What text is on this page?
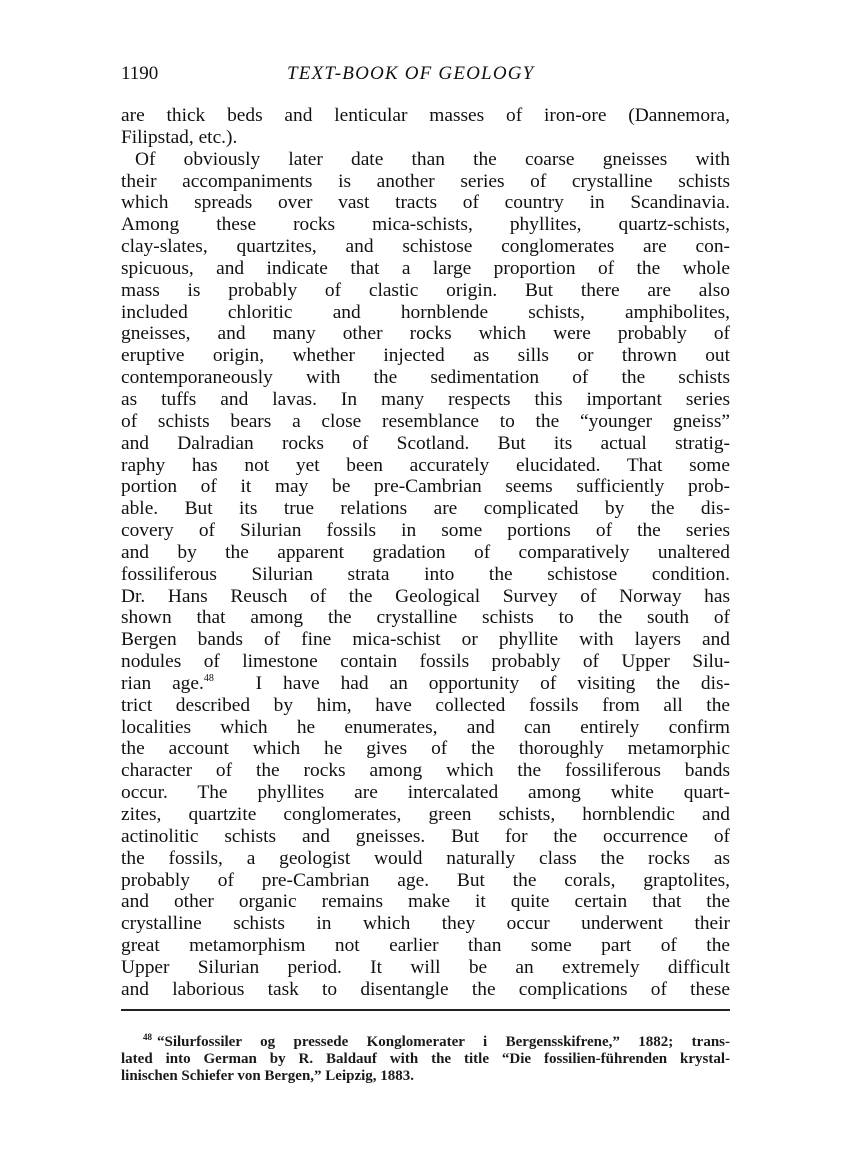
1190	TEXT-BOOK OF GEOLOGY
are thick beds and lenticular masses of iron-ore (Dannemora,
Filipstad, etc.).
Of obviously later date than the coarse gneisses with
their accompaniments is another series of crystalline schists
which spreads over vast tracts of country in Scandinavia.
Among these rocks mica-schists, phyllites, quartz-schists,
clay-slates, quartzites, and schistose conglomerates are con-
spicuous, and indicate that a large proportion of the whole
mass is probably of clastic origin. But there are also
included chloritic and hornblende schists, amphibolites,
gneisses, and many other rocks which were probably of
eruptive origin, whether injected as sills or thrown out
contemporaneously with the sedimentation of the schists
as tuffs and lavas. In many respects this important series
of schists bears a close resemblance to the “younger gneiss”
and Dalradian rocks of Scotland. But its actual stratig-
raphy has not yet been accurately elucidated. That some
portion of it may be pre-Cambrian seems sufficiently prob-
able. But its true relations are complicated by the dis-
covery of Silurian fossils in some portions of the series
and by the apparent gradation of comparatively unaltered
fossiliferous Silurian strata into the schistose condition.
Dr. Hans Reusch of the Geological Survey of Norway has
shown that among the crystalline schists to the south of
Bergen bands of fine mica-schist or phyllite with layers and
nodules of limestone contain fossils probably of Upper Silu-
rian age.$^{48}$ I have had an opportunity of visiting the dis-
trict described by him, have collected fossils from all the
localities which he enumerates, and can entirely confirm
the account which he gives of the thoroughly metamorphic
character of the rocks among which the fossiliferous bands
occur. The phyllites are intercalated among white quart-
zites, quartzite conglomerates, green schists, hornblendic and
actinolitic schists and gneisses. But for the occurrence of
the fossils, a geologist would naturally class the rocks as
probably of pre-Cambrian age. But the corals, graptolites,
and other organic remains make it quite certain that the
crystalline schists in which they occur underwent their
great metamorphism not earlier than some part of the
Upper Silurian period. It will be an extremely difficult
and laborious task to disentangle the complications of these
$^{48}$ “Silurfossiler og pressede Konglomerater i Bergensskifrene,” 1882; trans-
lated into German by R. Baldauf with the title “Die fossilien-führenden krystal-
linischen Schiefer von Bergen,” Leipzig, 1883.
